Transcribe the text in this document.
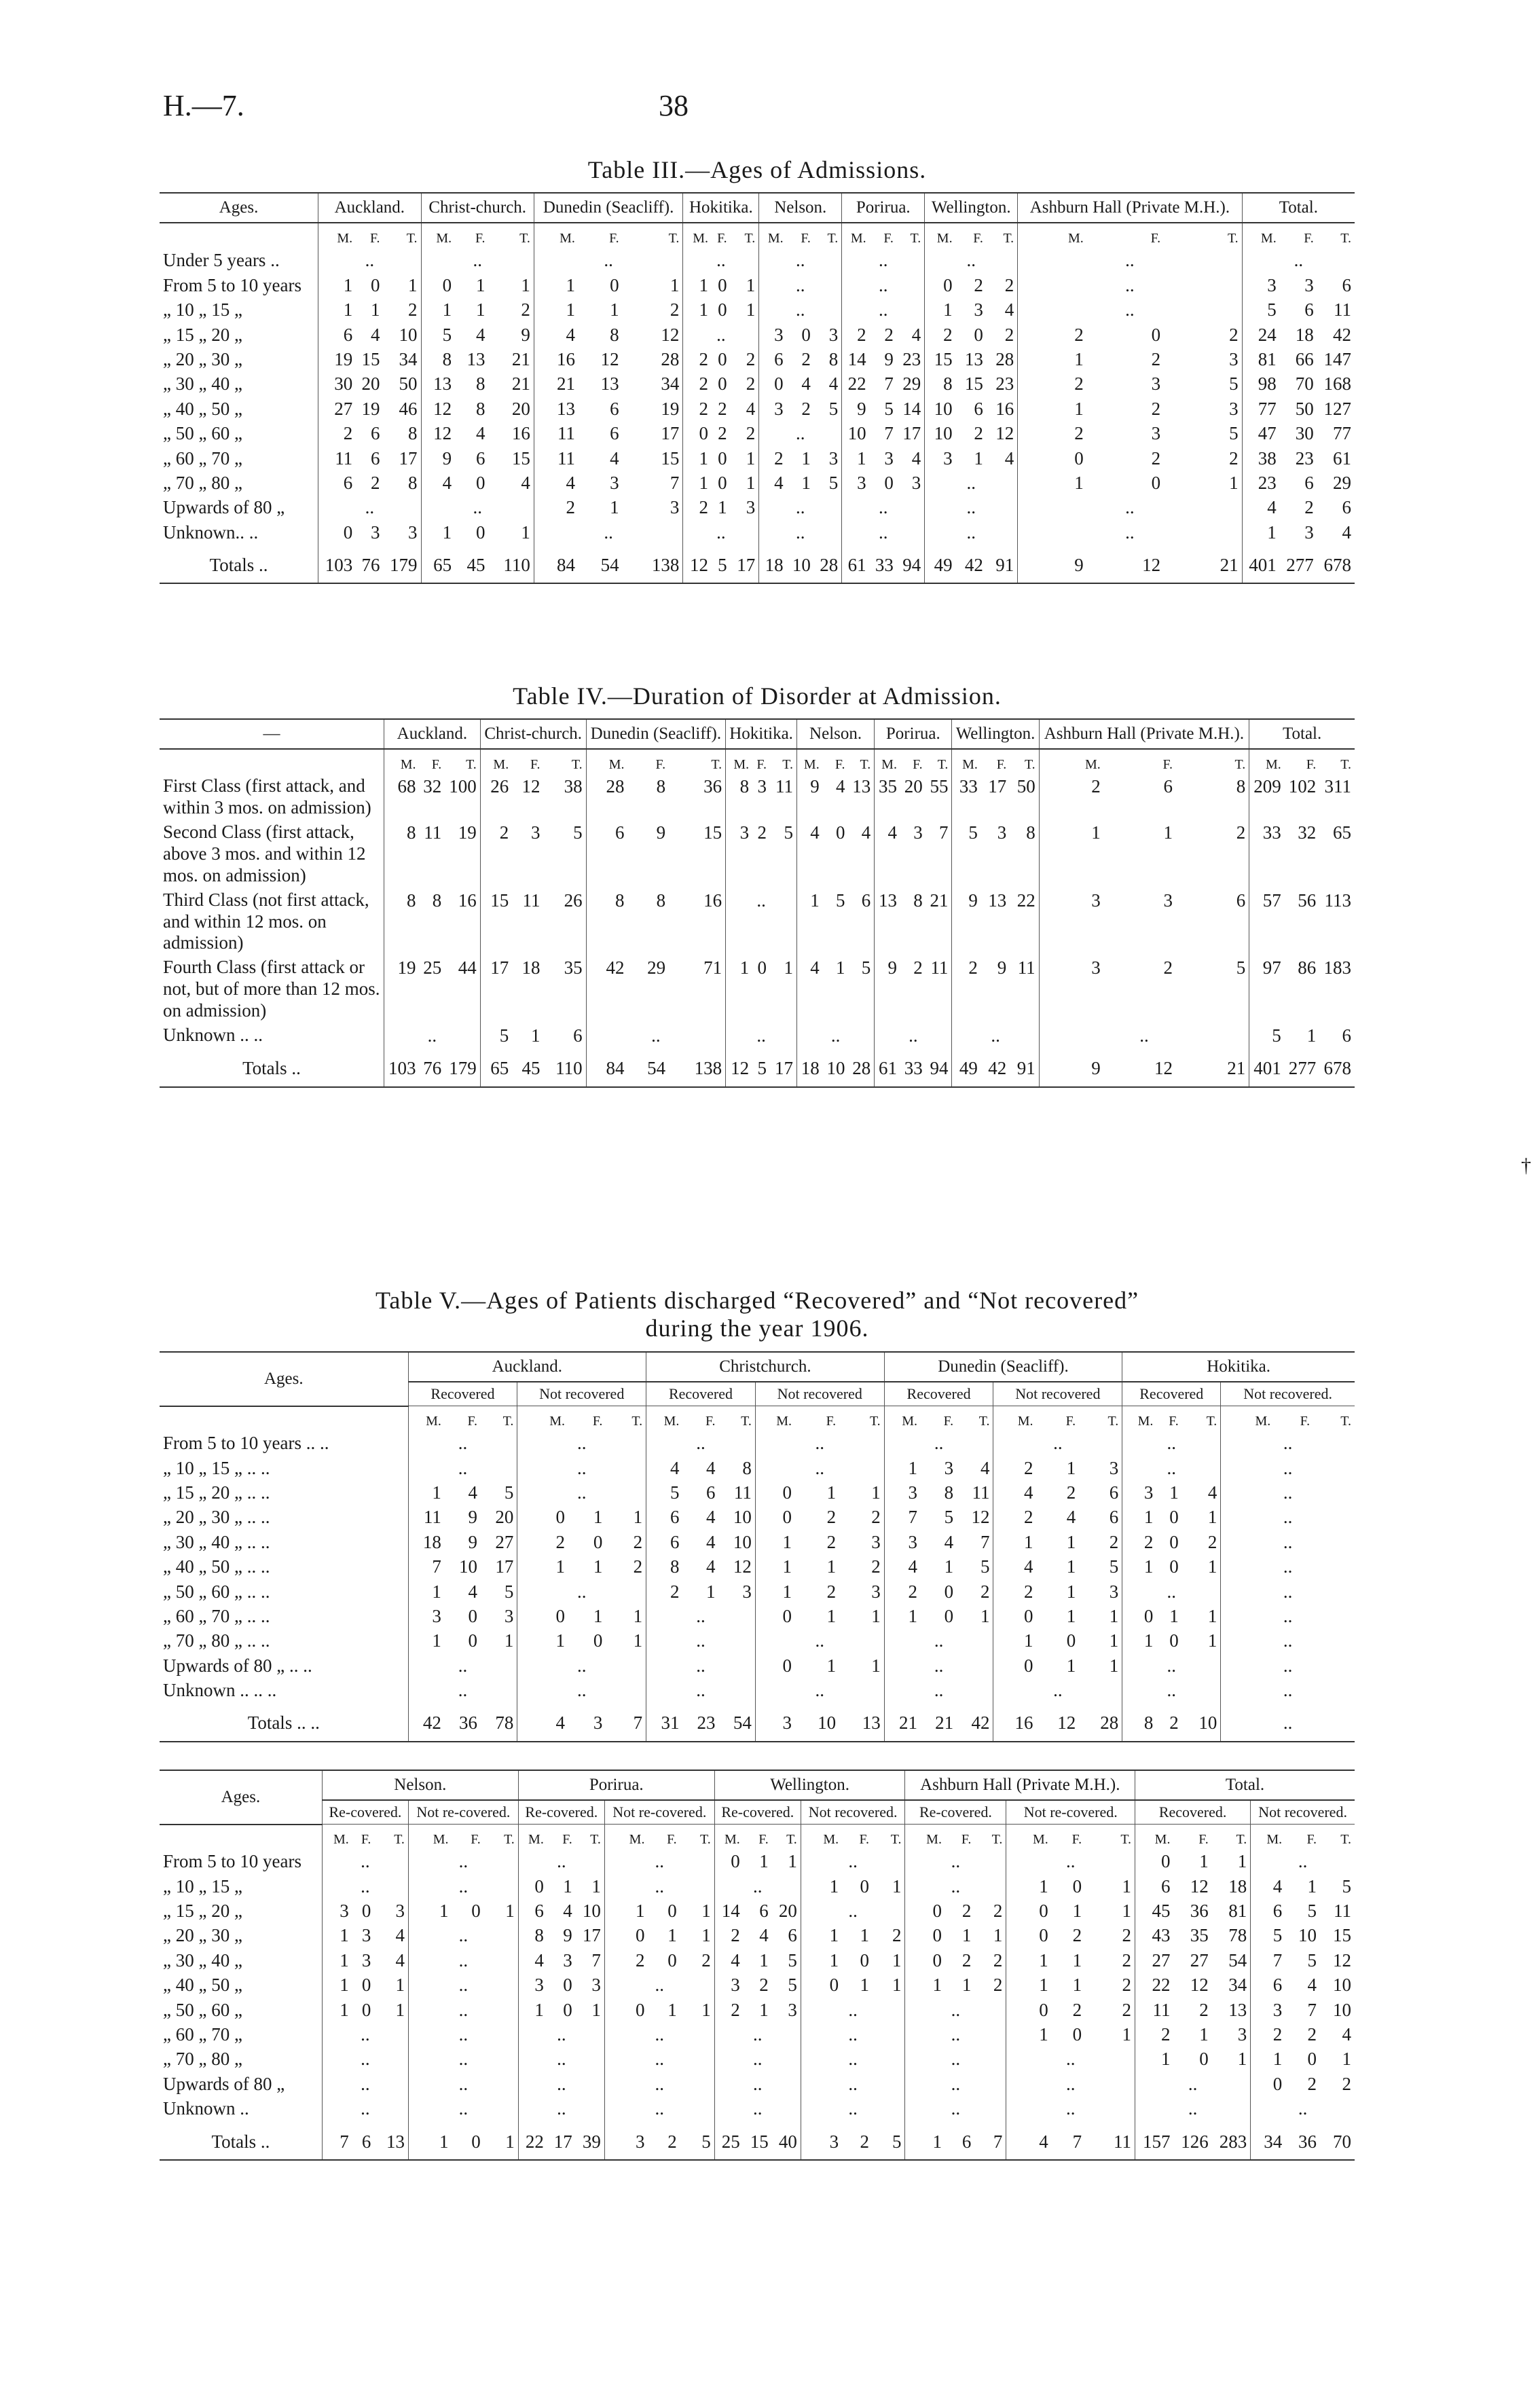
H.—7.	38
Table III.—Ages of Admissions.
Ages.	Auckland.			Christ-church.			Dunedin (Seacliff).			Hokitika.			Nelson.			Porirua.			Wellington.			Ashburn Hall (Private M.H.).			Total.		
	M.	F.	T.	M.	F.	T.	M.	F.	T.	M.	F.	T.	M.	F.	T.	M.	F.	T.	M.	F.	T.	M.	F.	T.	M.	F.	T.
Under 5 years ..	..			..			..			..			..			..			..			..			..		

From 5 to 10 years	1	0	1	0	1	1	1	0	1	1	0	1	..			..			0	2	2	..			3	3	6
„ 10 „ 15 „	1	1	2	1	1	2	1	1	2	1	0	1	..			..			1	3	4	..			5	6	11
„ 15 „ 20 „	6	4	10	5	4	9	4	8	12	..			3	0	3	2	2	4	2	0	2	2	0	2	24	18	42
„ 20 „ 30 „	19	15	34	8	13	21	16	12	28	2	0	2	6	2	8	14	9	23	15	13	28	1	2	3	81	66	147
„ 30 „ 40 „	30	20	50	13	8	21	21	13	34	2	0	2	0	4	4	22	7	29	8	15	23	2	3	5	98	70	168
„ 40 „ 50 „	27	19	46	12	8	20	13	6	19	2	2	4	3	2	5	9	5	14	10	6	16	1	2	3	77	50	127
„ 50 „ 60 „	2	6	8	12	4	16	11	6	17	0	2	2	..			10	7	17	10	2	12	2	3	5	47	30	77
„ 60 „ 70 „	11	6	17	9	6	15	11	4	15	1	0	1	2	1	3	1	3	4	3	1	4	0	2	2	38	23	61
„ 70 „ 80 „	6	2	8	4	0	4	4	3	7	1	0	1	4	1	5	3	0	3	..			1	0	1	23	6	29
Upwards of 80 „	..			..			2	1	3	2	1	3	..			..			..			..			4	2	6
Unknown.. ..	0	3	3	1	0	1	..			..			..			..			..			..			1	3	4
Totals ..	103	76	179	65	45	110	84	54	138	12	5	17	18	10	28	61	33	94	49	42	91	9	12	21	401	277	678
Table IV.—Duration of Disorder at Admission.
—	Auckland.			Christ-church.			Dunedin (Seacliff).			Hokitika.			Nelson.			Porirua.			Wellington.			Ashburn Hall (Private M.H.).			Total.		
	M.	F.	T.	M.	F.	T.	M.	F.	T.	M.	F.	T.	M.	F.	T.	M.	F.	T.	M.	F.	T.	M.	F.	T.	M.	F.	T.
First Class (first attack, and within 3 mos. on admission)	68	32	100	26	12	38	28	8	36	8	3	11	9	4	13	35	20	55	33	17	50	2	6	8	209	102	311
Second Class (first attack, above 3 mos. and within 12 mos. on admission)	8	11	19	2	3	5	6	9	15	3	2	5	4	0	4	4	3	7	5	3	8	1	1	2	33	32	65
Third Class (not first attack, and within 12 mos. on admission)	8	8	16	15	11	26	8	8	16	..			1	5	6	13	8	21	9	13	22	3	3	6	57	56	113
Fourth Class (first attack or not, but of more than 12 mos. on admission)	19	25	44	17	18	35	42	29	71	1	0	1	4	1	5	9	2	11	2	9	11	3	2	5	97	86	183
Unknown .. ..	..			5	1	6	..			..			..			..			..			..			5	1	6
Totals ..	103	76	179	65	45	110	84	54	138	12	5	17	18	10	28	61	33	94	49	42	91	9	12	21	401	277	678
Table V.—Ages of Patients discharged “Recovered” and “Not recovered”
during the year 1906.
Ages.	Auckland.						Christchurch.						Dunedin (Seacliff).						Hokitika.					
	Recovered			Not recovered			Recovered			Not recovered			Recovered			Not recovered			Recovered			Not recovered.		
	M.	F.	T.	M.	F.	T.	M.	F.	T.	M.	F.	T.	M.	F.	T.	M.	F.	T.	M.	F.	T.	M.	F.	T.
From 5 to 10 years .. ..	..			..			..			..			..			..			..			..		

„ 10 „ 15 „ .. ..	..			..			4	4	8	..			1	3	4	2	1	3	..			..		

„ 15 „ 20 „ .. ..	1	4	5	..			5	6	11	0	1	1	3	8	11	4	2	6	3	1	4	..		

„ 20 „ 30 „ .. ..	11	9	20	0	1	1	6	4	10	0	2	2	7	5	12	2	4	6	1	0	1	..		

„ 30 „ 40 „ .. ..	18	9	27	2	0	2	6	4	10	1	2	3	3	4	7	1	1	2	2	0	2	..		

„ 40 „ 50 „ .. ..	7	10	17	1	1	2	8	4	12	1	1	2	4	1	5	4	1	5	1	0	1	..		

„ 50 „ 60 „ .. ..	1	4	5	..			2	1	3	1	2	3	2	0	2	2	1	3	..			..		

„ 60 „ 70 „ .. ..	3	0	3	0	1	1	..			0	1	1	1	0	1	0	1	1	0	1	1	..		

„ 70 „ 80 „ .. ..	1	0	1	1	0	1	..			..			..			1	0	1	1	0	1	..		

Upwards of 80 „ .. ..	..			..			..			0	1	1	..			0	1	1	..			..		

Unknown .. .. ..	..			..			..			..			..			..			..			..		

Totals .. ..	42	36	78	4	3	7	31	23	54	3	10	13	21	21	42	16	12	28	8	2	10	..		
Ages.	Nelson.						Porirua.						Wellington.						Ashburn Hall (Private M.H.).						Total.					
	Re-covered.			Not re-covered.			Re-covered.			Not re-covered.			Re-covered.			Not recovered.			Re-covered.			Not re-covered.			Recovered.			Not recovered.		
	M.	F.	T.	M.	F.	T.	M.	F.	T.	M.	F.	T.	M.	F.	T.	M.	F.	T.	M.	F.	T.	M.	F.	T.	M.	F.	T.	M.	F.	T.
From 5 to 10 years	..			..			..			..			0	1	1	..			..			..			0	1	1	..		

„ 10 „ 15 „	..			..			0	1	1	..			..			1	0	1	..			1	0	1	6	12	18	4	1	5
„ 15 „ 20 „	3	0	3	1	0	1	6	4	10	1	0	1	14	6	20	..			0	2	2	0	1	1	45	36	81	6	5	11
„ 20 „ 30 „	1	3	4	..			8	9	17	0	1	1	2	4	6	1	1	2	0	1	1	0	2	2	43	35	78	5	10	15
„ 30 „ 40 „	1	3	4	..			4	3	7	2	0	2	4	1	5	1	0	1	0	2	2	1	1	2	27	27	54	7	5	12
„ 40 „ 50 „	1	0	1	..			3	0	3	..			3	2	5	0	1	1	1	1	2	1	1	2	22	12	34	6	4	10
„ 50 „ 60 „	1	0	1	..			1	0	1	0	1	1	2	1	3	..			..			0	2	2	11	2	13	3	7	10
„ 60 „ 70 „	..			..			..			..			..			..			..			1	0	1	2	1	3	2	2	4
„ 70 „ 80 „	..			..			..			..			..			..			..			..			1	0	1	1	0	1
Upwards of 80 „	..			..			..			..			..			..			..			..			..			0	2	2
Unknown ..	..			..			..			..			..			..			..			..			..			..		

Totals ..	7	6	13	1	0	1	22	17	39	3	2	5	25	15	40	3	2	5	1	6	7	4	7	11	157	126	283	34	36	70
†
